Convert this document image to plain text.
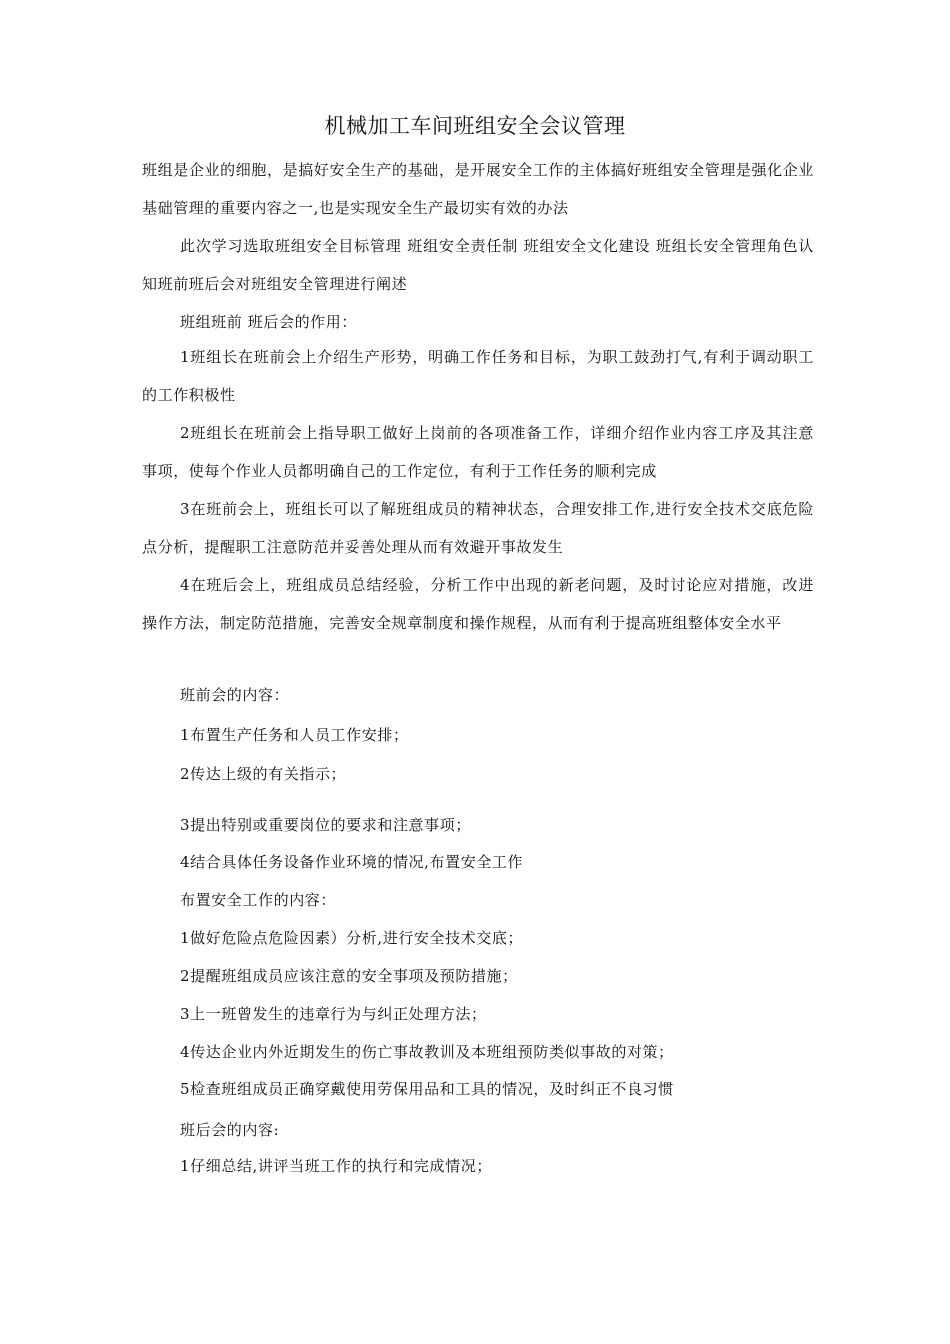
机械加工车间班组安全会议管理

班组是企业的细胞，是搞好安全生产的基础，是开展安全工作的主体搞好班组安全管理是强化企业基础管理的重要内容之一,也是实现安全生产最切实有效的办法

此次学习选取班组安全目标管理 班组安全责任制 班组安全文化建设 班组长安全管理角色认知班前班后会对班组安全管理进行阐述

班组班前 班后会的作用：

1班组长在班前会上介绍生产形势，明确工作任务和目标，为职工鼓劲打气,有利于调动职工的工作积极性

2班组长在班前会上指导职工做好上岗前的各项准备工作，详细介绍作业内容工序及其注意事项，使每个作业人员都明确自己的工作定位，有利于工作任务的顺利完成

3在班前会上，班组长可以了解班组成员的精神状态，合理安排工作,进行安全技术交底危险点分析，提醒职工注意防范并妥善处理从而有效避开事故发生

4在班后会上，班组成员总结经验，分析工作中出现的新老问题，及时讨论应对措施，改进操作方法，制定防范措施，完善安全规章制度和操作规程，从而有利于提高班组整体安全水平

班前会的内容：

1布置生产任务和人员工作安排；

2传达上级的有关指示；

3提出特别或重要岗位的要求和注意事项；

4结合具体任务设备作业环境的情况,布置安全工作

布置安全工作的内容：

1做好危险点危险因素）分析,进行安全技术交底；

2提醒班组成员应该注意的安全事项及预防措施；

3上一班曾发生的违章行为与纠正处理方法；

4传达企业内外近期发生的伤亡事故教训及本班组预防类似事故的对策；

5检查班组成员正确穿戴使用劳保用品和工具的情况，及时纠正不良习惯

班后会的内容:

1仔细总结,讲评当班工作的执行和完成情况；
